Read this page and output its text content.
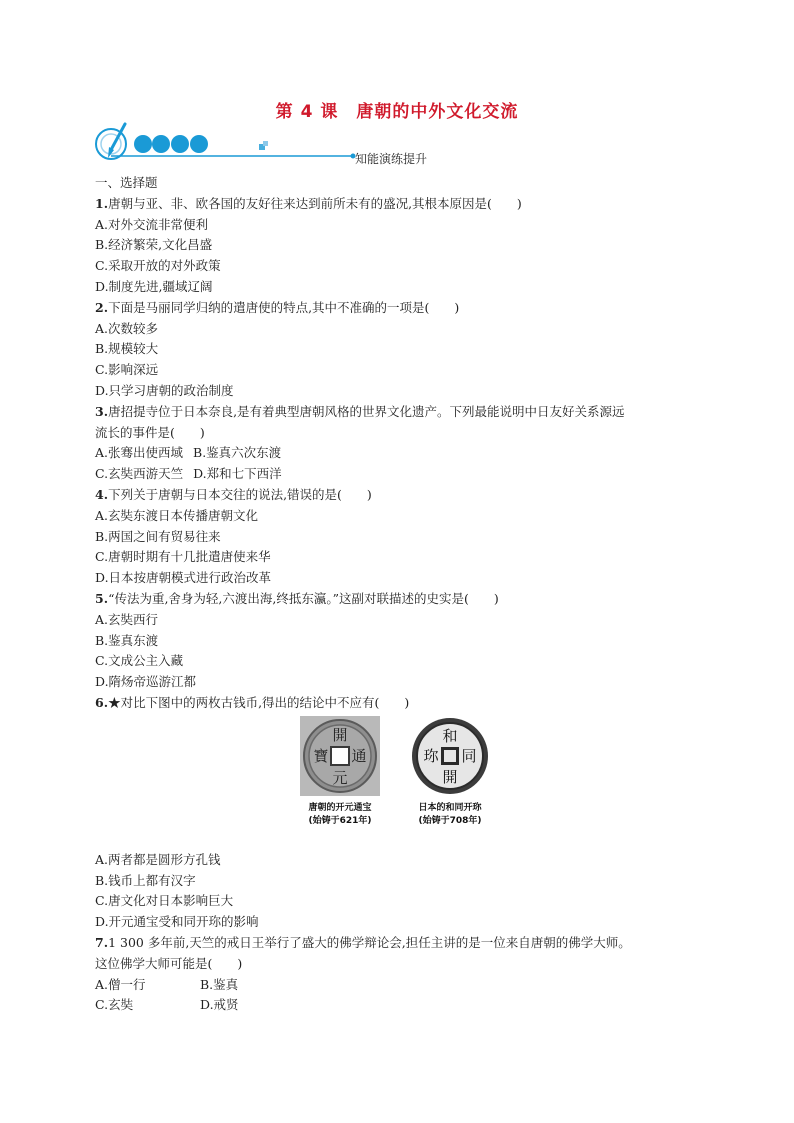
第 4 课　唐朝的中外文化交流
知能演练提升
一、选择题
1.唐朝与亚、非、欧各国的友好往来达到前所未有的盛况,其根本原因是(　　)
A.对外交流非常便利
B.经济繁荣,文化昌盛
C.采取开放的对外政策
D.制度先进,疆域辽阔
2.下面是马丽同学归纳的遣唐使的特点,其中不准确的一项是(　　)
A.次数较多
B.规模较大
C.影响深远
D.只学习唐朝的政治制度
3.唐招提寺位于日本奈良,是有着典型唐朝风格的世界文化遗产。下列最能说明中日友好关系源远
流长的事件是(　　)
A.张骞出使西域 B.鉴真六次东渡
C.玄奘西游天竺 D.郑和七下西洋
4.下列关于唐朝与日本交往的说法,错误的是(　　)
A.玄奘东渡日本传播唐朝文化
B.两国之间有贸易往来
C.唐朝时期有十几批遣唐使来华
D.日本按唐朝模式进行政治改革
5.“传法为重,舍身为轻,六渡出海,终抵东瀛。”这副对联描述的史实是(　　)
A.玄奘西行
B.鉴真东渡
C.文成公主入藏
D.隋炀帝巡游江都
6.★对比下图中的两枚古钱币,得出的结论中不应有(　　)
開
通
元
寶
唐朝的开元通宝
(始铸于621年)
和
同
開
珎
日本的和同开珎
(始铸于708年)
A.两者都是圆形方孔钱
B.钱币上都有汉字
C.唐文化对日本影响巨大
D.开元通宝受和同开珎的影响
7.1 300 多年前,天竺的戒日王举行了盛大的佛学辩论会,担任主讲的是一位来自唐朝的佛学大师。
这位佛学大师可能是(　　)
A.僧一行	B.鉴真
C.玄奘	D.戒贤
